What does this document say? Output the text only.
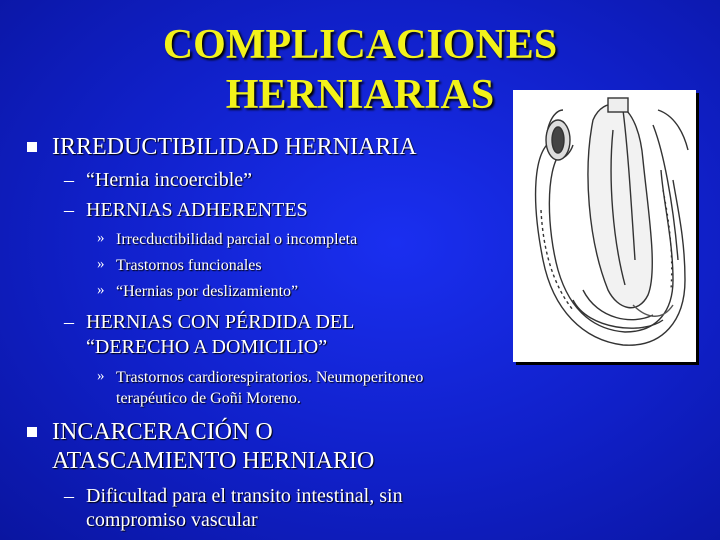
COMPLICACIONES
HERNIARIAS
IRREDUCTIBILIDAD HERNIARIA
– “Hernia incoercible”
– HERNIAS ADHERENTES
» Irrecductibilidad parcial o incompleta
» Trastornos funcionales
» “Hernias por deslizamiento”
– HERNIAS CON PÉRDIDA DEL
“DERECHO A DOMICILIO”
» Trastornos cardiorespiratorios. Neumoperitoneo
terapéutico de Goñi Moreno.
INCARCERACIÓN O
ATASCAMIENTO HERNIARIO
– Dificultad para el transito intestinal, sin
compromiso vascular
